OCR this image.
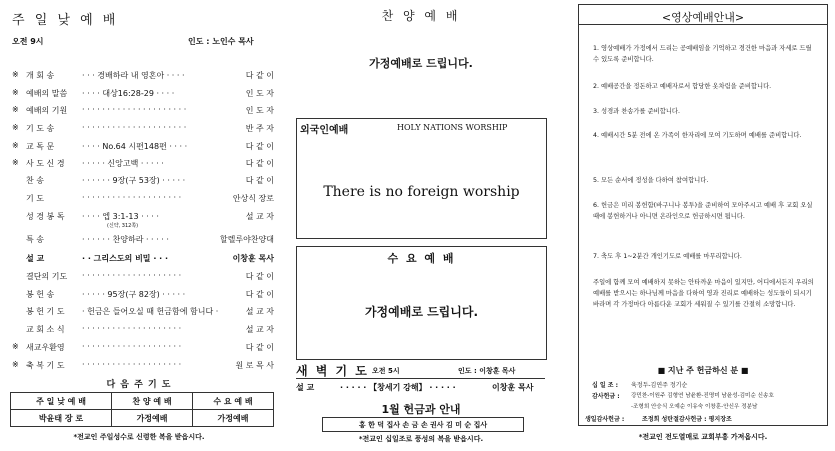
주 일 낮 예 배
오전 9시	인도 : 노인수 목사
※ 개 회 송	· · · 경배하라 내 영혼아 · · · ·	다 같 이
※ 예배의 말씀 · · · · 대상16:28-29 · · · ·	인 도 자
※ 예배의 기원 · · · · · · · · · · · · · · · · · · · · ·	인 도 자
※ 기 도 송	· · · · · · · · · · · · · · · · · · · · ·	반 주 자
※ 교 독 문	· · · · No.64 시편148편 · · · ·	다 같 이
※ 사 도 신 경 · · · · · 신앙고백 · · · · ·	다 같 이
찬 송	· · · · · · 9장(구 53장) · · · · ·	다 같 이
기 도	· · · · · · · · · · · · · · · · · · · ·	안상식 장로
성 경 봉 독 · · · · 엡 3:1-13 · · · ·	설 교 자
특 송	· · · · · · 찬양하라 · · · · ·	할렐루야찬양대
설 교	· · 그리스도의 비밀 · · ·	이창훈 목사
결단의 기도 · · · · · · · · · · · · · · · · · · · ·	다 같 이
봉 헌 송	· · · · · 95장(구 82장) · · · · ·	다 같 이
봉 헌 기 도 · 헌금은 들어오실 때 헌금함에 함니다 ·	설 교 자
교 회 소 식 · · · · · · · · · · · · · · · · · · · ·	설 교 자
※ 새교우환영 · · · · · · · · · · · · · · · · · · · ·	다 같 이
※ 축 복 기 도 · · · · · · · · · · · · · · · · · · · ·	원 로 목 사
(신약, 312쪽)
다 음 주 기 도
주 일 낮 예 배	찬 양 예 배	수 요 예 배
박윤태 장 로	가정예배	가정예배
*전교인 주일성수로 신령한 복을 받읍시다.
찬 양 예 배
가정예배로 드립니다.
외국인예배	HOLY NATIONS WORSHIP
There is no foreign worship
수 요 예 배
가정예배로 드립니다.
새 벽 기 도 오전 5시	인도 : 이창훈 목사
설 교	· · · · · 【창세기 강해】 · · · · ·	이창훈 목사
1월 헌금과 안내
홍 한 덕 집사 손 금 손 권사 김 미 순 집사
*전교인 십일조로 풍성의 복을 받읍시다.
<영상예배안내>
1. 영상예배가 가정에서 드리는 공예배임을 기억하고 경건한 마음과 자세로 드릴 수 있도록 준비합니다.
2. 예배공간을 정돈하고 예배자로서 합당한 옷차림을 준비합니다.
3. 성경과 찬송가를 준비합니다.
4. 예배시간 5분 전에 온 가족이 한자리에 모여 기도하며 예배를 준비합니다.
5. 모든 순서에 정성을 다하여 참여합니다.
6. 헌금은 미리 봉헌함(바구니나 봉투)을 준비하여 모아주시고 예배 후 교회 오실 때에 봉헌하거나 아니면 온라인으로 헌금하시면 됩니다.
7. 축도 후 1~2분간 개인기도로 예배를 마무리합니다.
주일에 함께 모여 예배하지 못하는 안타까운 마음이 있지만, 어디에서든지 우리의 예배를 받으시는 하나님께 마음을 다하여 영과 진리로 예배하는 성도들이 되시기 바라며 각 가정마다 아름다운 교회가 세워질 수 있기를 간절히 소망합니다.
■ 지난 주 헌금하신 분 ■
십 일 조 : 육정두-김연주 정기순
감사헌금 : 강민찬-이원주 김형연 남윤환-진명미 남윤성-김미순 신송호
-조형희 안승식 오예순 이유숙 이창훈-안신우 정분남
생일감사헌금 :	조정희 성탄절감사헌금 : 평지장조
*전교인 전도열매로 교회부흥 가져옵시다.
